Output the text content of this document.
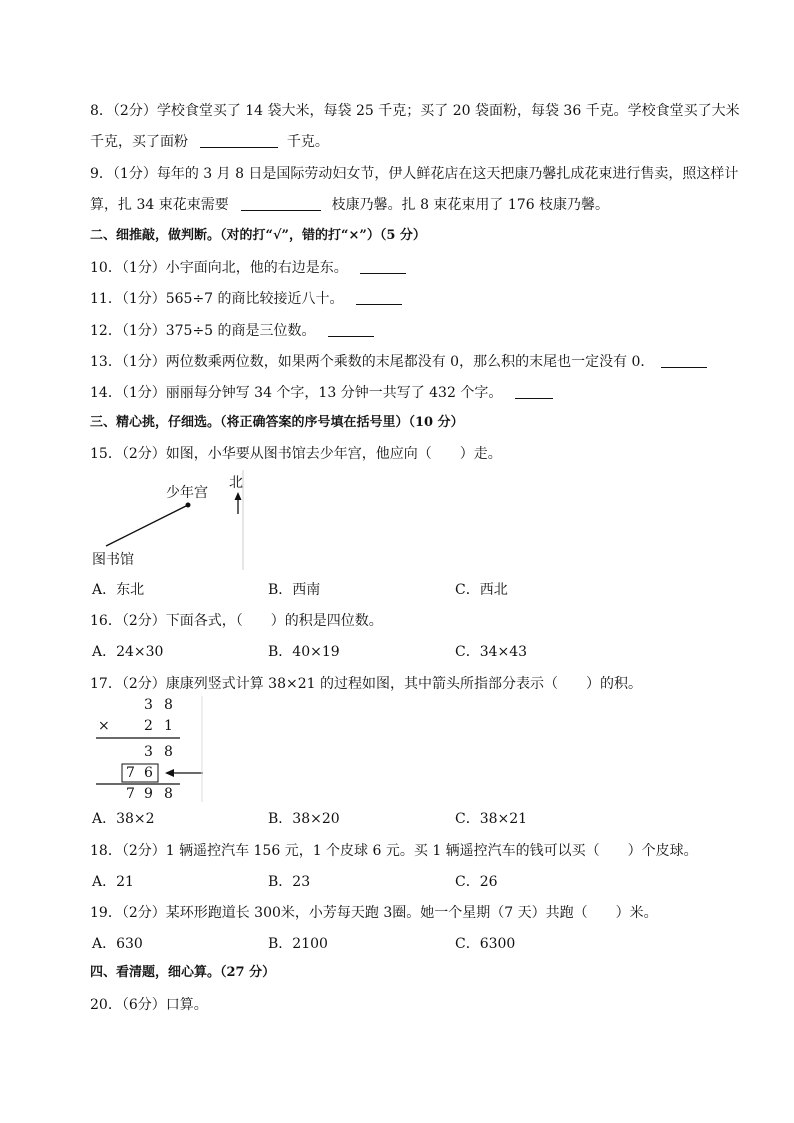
8．（2分）学校食堂买了 14 袋大米，每袋 25 千克；买了 20 袋面粉，每袋 36 千克。学校食堂买了大米
千克，买了面粉	千克。
9．（1分）每年的 3 月 8 日是国际劳动妇女节，伊人鲜花店在这天把康乃馨扎成花束进行售卖，照这样计
算，扎 34 束花束需要	枝康乃馨。扎 8 束花束用了 176 枝康乃馨。
二、细推敲，做判断。（对的打“√”，错的打“×”）（5 分）
10．（1分）小宇面向北，他的右边是东。
11．（1分）565÷7 的商比较接近八十。
12．（1分）375÷5 的商是三位数。
13．（1分）两位数乘两位数，如果两个乘数的末尾都没有 0，那么积的末尾也一定没有 0．
14．（1分）丽丽每分钟写 34 个字，13 分钟一共写了 432 个字。
三、精心挑，仔细选。（将正确答案的序号填在括号里）（10 分）
15．（2分）如图，小华要从图书馆去少年宫，他应向（　　）走。
少年宫
北
图书馆
A．东北	B．西南	C．西北
16．（2分）下面各式，（　　）的积是四位数。
A．24×30	B．40×19	C．34×43
17．（2分）康康列竖式计算 38×21 的过程如图，其中箭头所指部分表示（　　）的积。
3 8
× 2 1
3 8
7 6
7 9 8
A．38×2	B．38×20	C．38×21
18．（2分）1 辆遥控汽车 156 元，1 个皮球 6 元。买 1 辆遥控汽车的钱可以买（　　）个皮球。
A．21	B．23	C．26
19．（2分）某环形跑道长 300米，小芳每天跑 3圈。她一个星期（7 天）共跑（　　）米。
A．630	B．2100	C．6300
四、看清题，细心算。（27 分）
20．（6分）口算。
